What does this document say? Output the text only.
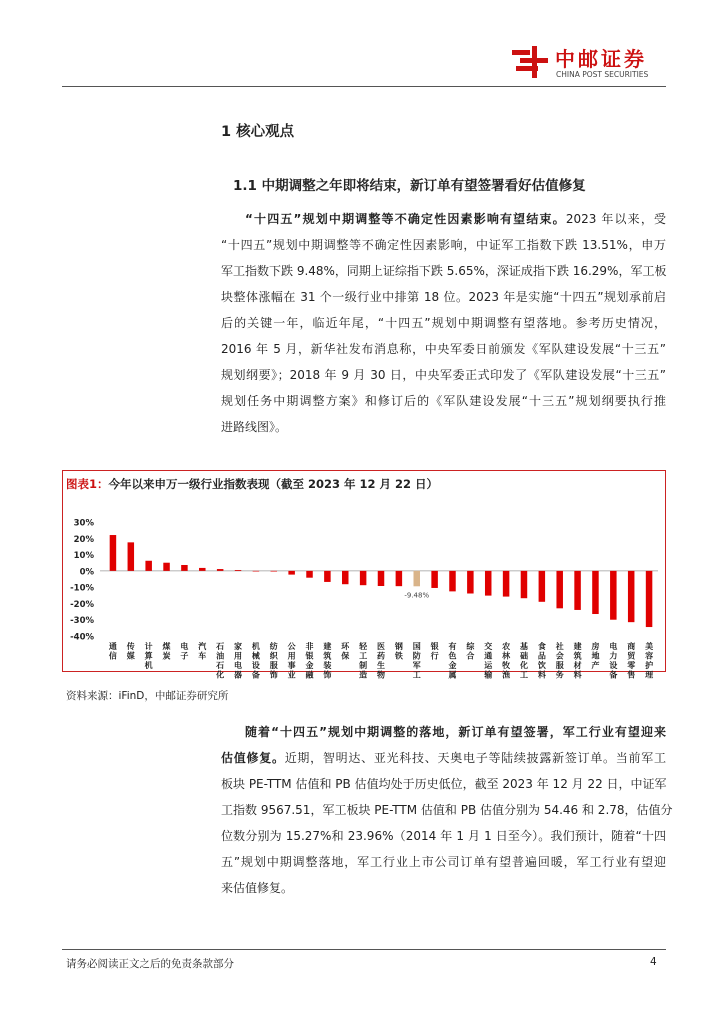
中邮证券
CHINA POST SECURITIES
1 核心观点
1.1 中期调整之年即将结束，新订单有望签署看好估值修复
“十四五”规划中期调整等不确定性因素影响有望结束。2023 年以来，受
“十四五”规划中期调整等不确定性因素影响，中证军工指数下跌 13.51%，申万
军工指数下跌 9.48%，同期上证综指下跌 5.65%，深证成指下跌 16.29%，军工板
块整体涨幅在 31 个一级行业中排第 18 位。2023 年是实施“十四五”规划承前启
后的关键一年，临近年尾，“十四五”规划中期调整有望落地。参考历史情况，
2016 年 5 月，新华社发布消息称，中央军委日前颁发《军队建设发展“十三五”
规划纲要》；2018 年 9 月 30 日，中央军委正式印发了《军队建设发展“十三五”
规划任务中期调整方案》和修订后的《军队建设发展“十三五”规划纲要执行推
进路线图》。
图表1：今年以来申万一级行业指数表现（截至 2023 年 12 月 22 日）
30%
20%
10%
0%
-10%
-20%
-30%
-40%
通
信
传
媒
计
算
机
煤
炭
电
子
汽
车
石
油
石
化
家
用
电
器
机
械
设
备
纺
织
服
饰
公
用
事
业
非
银
金
融
建
筑
装
饰
环
保
轻
工
制
造
医
药
生
物
钢
铁
国
防
军
工
-9.48%
银
行
有
色
金
属
综
合
交
通
运
输
农
林
牧
渔
基
础
化
工
食
品
饮
料
社
会
服
务
建
筑
材
料
房
地
产
电
力
设
备
商
贸
零
售
美
容
护
理
资料来源：iFinD，中邮证券研究所
随着“十四五”规划中期调整的落地，新订单有望签署，军工行业有望迎来
估值修复。近期，智明达、亚光科技、天奥电子等陆续披露新签订单。当前军工
板块 PE-TTM 估值和 PB 估值均处于历史低位，截至 2023 年 12 月 22 日，中证军
工指数 9567.51，军工板块 PE-TTM 估值和 PB 估值分别为 54.46 和 2.78，估值分
位数分别为 15.27%和 23.96%（2014 年 1 月 1 日至今）。我们预计，随着“十四
五”规划中期调整落地，军工行业上市公司订单有望普遍回暖，军工行业有望迎
来估值修复。
请务必阅读正文之后的免责条款部分	4
